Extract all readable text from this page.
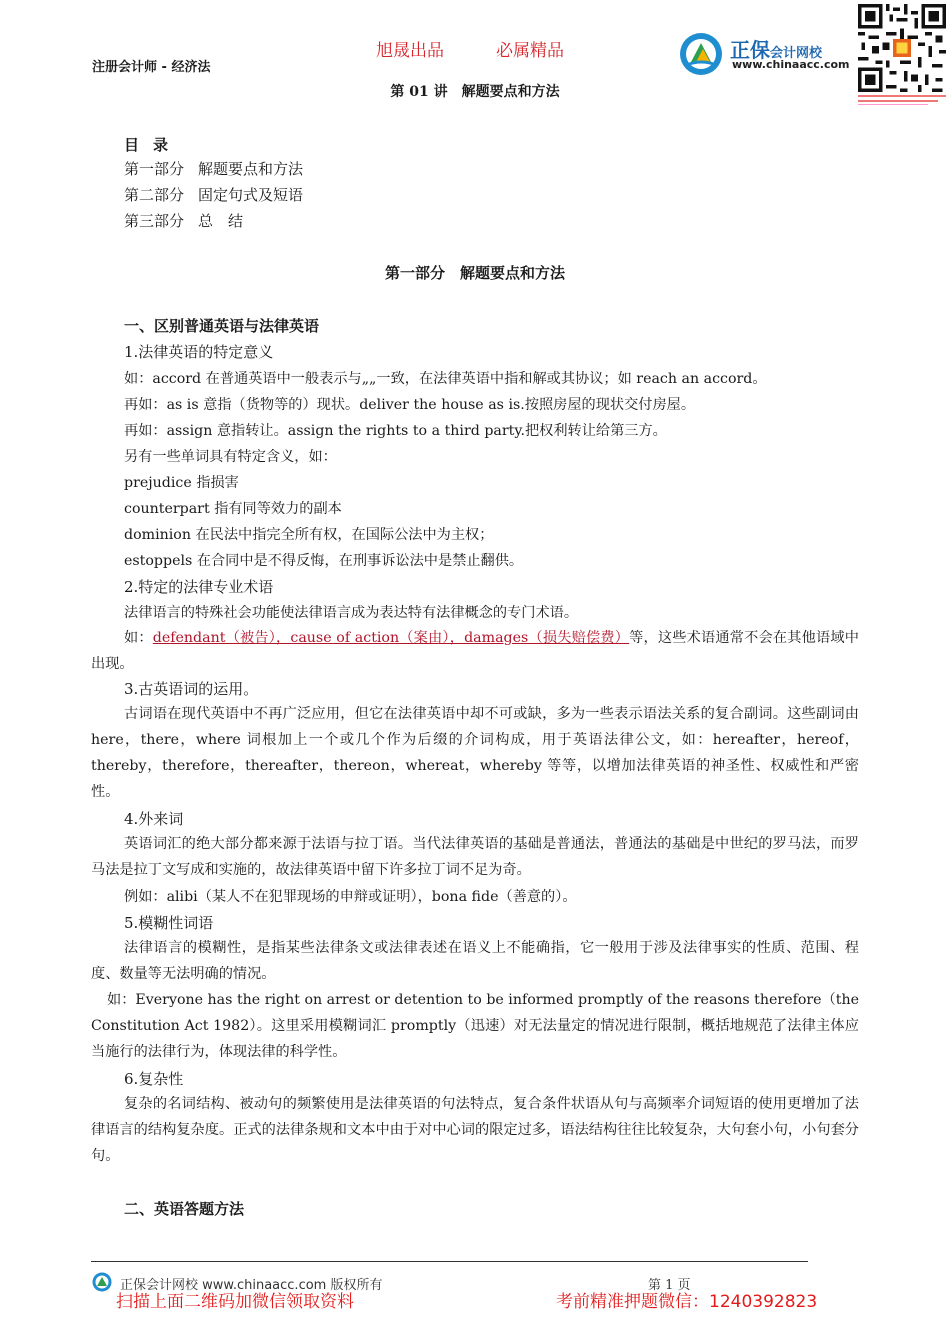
注册会计师 - 经济法
旭晟出品	必属精品
第 01 讲　解题要点和方法
正保会计网校
www.chinaacc.com
目录
第一部分 解题要点和方法
第二部分 固定句式及短语
第三部分 总　结
第一部分　解题要点和方法
一、区别普通英语与法律英语
1.法律英语的特定意义
如：accord 在普通英语中一般表示与„„一致，在法律英语中指和解或其协议；如 reach an accord。
再如：as is 意指（货物等的）现状。deliver the house as is.按照房屋的现状交付房屋。
再如：assign 意指转让。assign the rights to a third party.把权利转让给第三方。
另有一些单词具有特定含义，如：
prejudice 指损害
counterpart 指有同等效力的副本
dominion 在民法中指完全所有权，在国际公法中为主权；
estoppels 在合同中是不得反悔，在刑事诉讼法中是禁止翻供。
2.特定的法律专业术语
法律语言的特殊社会功能使法律语言成为表达特有法律概念的专门术语。
如：defendant（被告），cause of action（案由），damages（损失赔偿费）等，这些术语通常不会在其他语域中出现。
3.古英语词的运用。
古词语在现代英语中不再广泛应用，但它在法律英语中却不可或缺，多为一些表示语法关系的复合副词。这些副词由 here，there，where 词根加上一个或几个作为后缀的介词构成，用于英语法律公文，如：hereafter，hereof，thereby，therefore，thereafter，thereon，whereat，whereby 等等，以增加法律英语的神圣性、权威性和严密性。
4.外来词
英语词汇的绝大部分都来源于法语与拉丁语。当代法律英语的基础是普通法，普通法的基础是中世纪的罗马法，而罗马法是拉丁文写成和实施的，故法律英语中留下许多拉丁词不足为奇。
例如：alibi（某人不在犯罪现场的申辩或证明），bona fide（善意的）。
5.模糊性词语
法律语言的模糊性，是指某些法律条文或法律表述在语义上不能确指，它一般用于涉及法律事实的性质、范围、程度、数量等无法明确的情况。
如：Everyone has the right on arrest or detention to be informed promptly of the reasons therefore（the Constitution Act 1982）。这里采用模糊词汇 promptly（迅速）对无法量定的情况进行限制，概括地规范了法律主体应当施行的法律行为，体现法律的科学性。
6.复杂性
复杂的名词结构、被动句的频繁使用是法律英语的句法特点，复合条件状语从句与高频率介词短语的使用更增加了法律语言的结构复杂度。正式的法律条规和文本中由于对中心词的限定过多，语法结构往往比较复杂，大句套小句，小句套分句。
二、英语答题方法
正保会计网校 www.chinaacc.com 版权所有	第 1 页
扫描上面二维码加微信领取资料	考前精准押题微信：1240392823
